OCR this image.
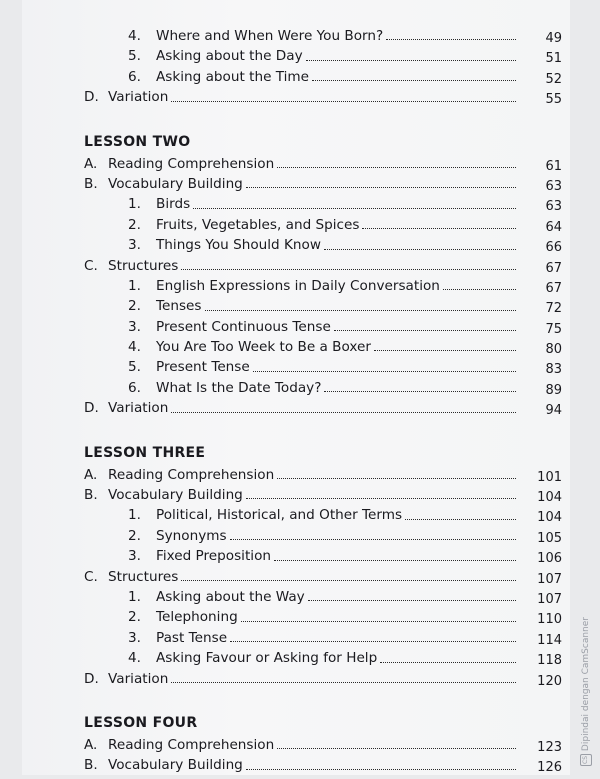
4. Where and When Were You Born?	49
5. Asking about the Day	51
6. Asking about the Time	52
D. Variation	55
LESSON TWO
A. Reading Comprehension	61
B. Vocabulary Building	63
1. Birds	63
2. Fruits, Vegetables, and Spices	64
3. Things You Should Know	66
C. Structures	67
1. English Expressions in Daily Conversation	67
2. Tenses	72
3. Present Continuous Tense	75
4. You Are Too Week to Be a Boxer	80
5. Present Tense	83
6. What Is the Date Today?	89
D. Variation	94
LESSON THREE
A. Reading Comprehension	101
B. Vocabulary Building	104
1. Political, Historical, and Other Terms	104
2. Synonyms	105
3. Fixed Preposition	106
C. Structures	107
1. Asking about the Way	107
2. Telephoning	110
3. Past Tense	114
4. Asking Favour or Asking for Help	118
D. Variation	120
LESSON FOUR
A. Reading Comprehension	123
B. Vocabulary Building	126
CS Dipindai dengan CamScanner
